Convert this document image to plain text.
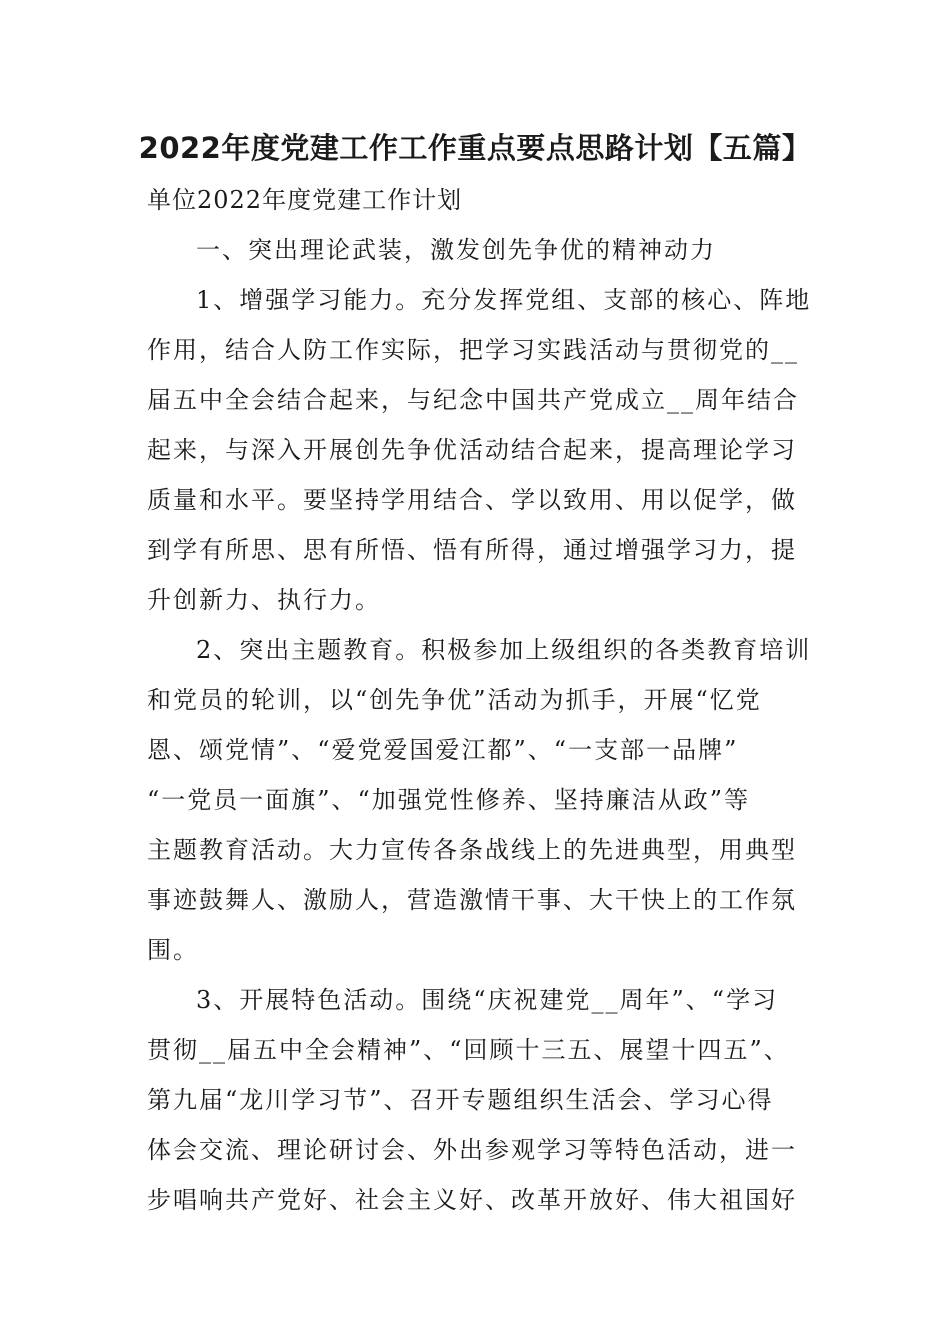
2022年度党建工作工作重点要点思路计划【五篇】

单位2022年度党建工作计划

一、突出理论武装，激发创先争优的精神动力

1、增强学习能力。充分发挥党组、支部的核心、阵地

作用，结合人防工作实际，把学习实践活动与贯彻党的__

届五中全会结合起来，与纪念中国共产党成立__周年结合

起来，与深入开展创先争优活动结合起来，提高理论学习

质量和水平。要坚持学用结合、学以致用、用以促学，做

到学有所思、思有所悟、悟有所得，通过增强学习力，提

升创新力、执行力。

2、突出主题教育。积极参加上级组织的各类教育培训

和党员的轮训，以“创先争优”活动为抓手，开展“忆党

恩、颂党情”、“爱党爱国爱江都”、“一支部一品牌”

“一党员一面旗”、“加强党性修养、坚持廉洁从政”等

主题教育活动。大力宣传各条战线上的先进典型，用典型

事迹鼓舞人、激励人，营造激情干事、大干快上的工作氛

围。

3、开展特色活动。围绕“庆祝建党__周年”、“学习

贯彻__届五中全会精神”、“回顾十三五、展望十四五”、

第九届“龙川学习节”、召开专题组织生活会、学习心得

体会交流、理论研讨会、外出参观学习等特色活动，进一

步唱响共产党好、社会主义好、改革开放好、伟大祖国好
